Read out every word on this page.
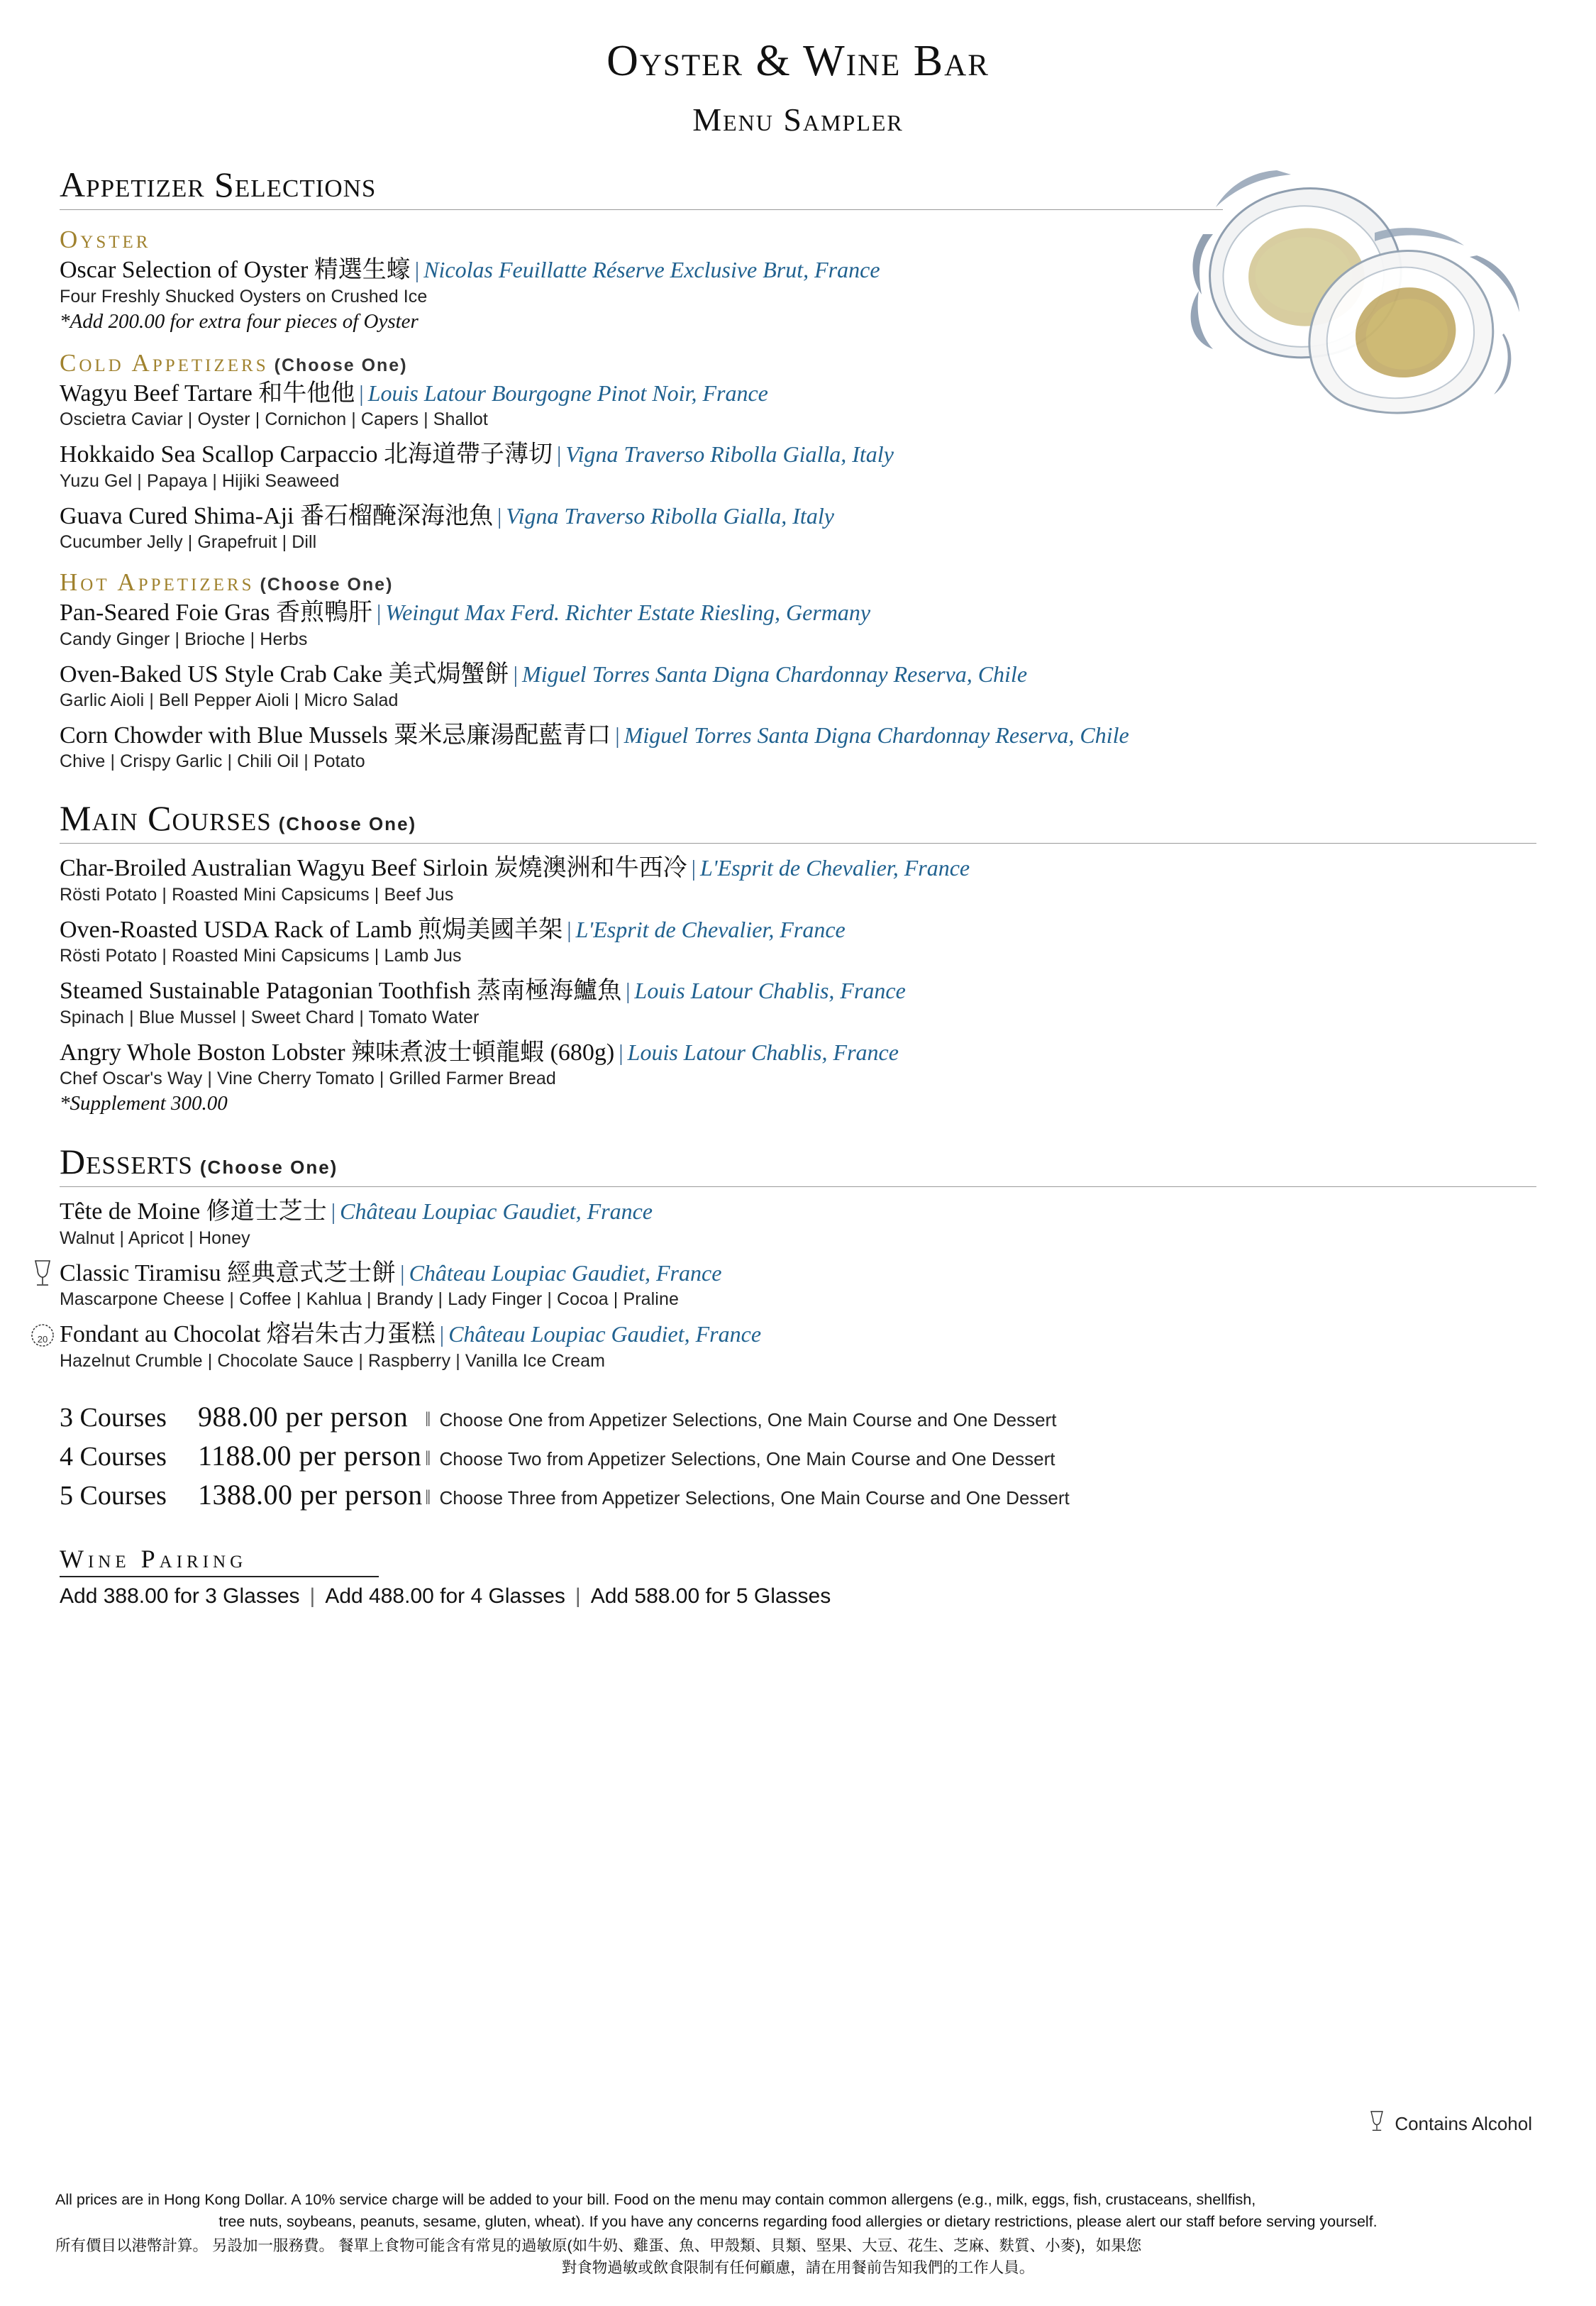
Oyster & Wine Bar
Menu Sampler
Appetizer Selections
Oyster
Oscar Selection of Oyster 精選生蠔 | Nicolas Feuillatte Réserve Exclusive Brut, France
Four Freshly Shucked Oysters on Crushed Ice
*Add 200.00 for extra four pieces of Oyster
Cold Appetizers (Choose One)
Wagyu Beef Tartare 和牛他他 | Louis Latour Bourgogne Pinot Noir, France
Oscietra Caviar | Oyster | Cornichon | Capers | Shallot
Hokkaido Sea Scallop Carpaccio 北海道帶子薄切 | Vigna Traverso Ribolla Gialla, Italy
Yuzu Gel | Papaya | Hijiki Seaweed
Guava Cured Shima-Aji 番石榴醃深海池魚 | Vigna Traverso Ribolla Gialla, Italy
Cucumber Jelly | Grapefruit | Dill
Hot Appetizers (Choose One)
Pan-Seared Foie Gras 香煎鴨肝 | Weingut Max Ferd. Richter Estate Riesling, Germany
Candy Ginger | Brioche | Herbs
Oven-Baked US Style Crab Cake 美式焗蟹餅 | Miguel Torres Santa Digna Chardonnay Reserva, Chile
Garlic Aioli | Bell Pepper Aioli | Micro Salad
Corn Chowder with Blue Mussels 粟米忌廉湯配藍青口 | Miguel Torres Santa Digna Chardonnay Reserva, Chile
Chive | Crispy Garlic | Chili Oil | Potato
Main Courses (Choose One)
Char-Broiled Australian Wagyu Beef Sirloin 炭燒澳洲和牛西冷 | L'Esprit de Chevalier, France
Rösti Potato | Roasted Mini Capsicums | Beef Jus
Oven-Roasted USDA Rack of Lamb 煎焗美國羊架 | L'Esprit de Chevalier, France
Rösti Potato | Roasted Mini Capsicums | Lamb Jus
Steamed Sustainable Patagonian Toothfish 蒸南極海鱸魚 | Louis Latour Chablis, France
Spinach | Blue Mussel | Sweet Chard | Tomato Water
Angry Whole Boston Lobster 辣味煮波士頓龍蝦 (680g) | Louis Latour Chablis, France
Chef Oscar's Way | Vine Cherry Tomato | Grilled Farmer Bread
*Supplement 300.00
Desserts (Choose One)
Tête de Moine 修道士芝士 | Château Loupiac Gaudiet, France
Walnut | Apricot | Honey
Classic Tiramisu 經典意式芝士餅 | Château Loupiac Gaudiet, France
Mascarpone Cheese | Coffee | Kahlua | Brandy | Lady Finger | Cocoa | Praline
20 Fondant au Chocolat 熔岩朱古力蛋糕 | Château Loupiac Gaudiet, France
Hazelnut Crumble | Chocolate Sauce | Raspberry | Vanilla Ice Cream
3 Courses	988.00 per person ‖ Choose One from Appetizer Selections, One Main Course and One Dessert
4 Courses	1188.00 per person ‖ Choose Two from Appetizer Selections, One Main Course and One Dessert
5 Courses	1388.00 per person ‖ Choose Three from Appetizer Selections, One Main Course and One Dessert
Wine Pairing
Add 388.00 for 3 Glasses | Add 488.00 for 4 Glasses | Add 588.00 for 5 Glasses
Contains Alcohol
All prices are in Hong Kong Dollar. A 10% service charge will be added to your bill. Food on the menu may contain common allergens (e.g., milk, eggs, fish, crustaceans, shellfish,
tree nuts, soybeans, peanuts, sesame, gluten, wheat). If you have any concerns regarding food allergies or dietary restrictions, please alert our staff before serving yourself.
所有價目以港幣計算。 另設加一服務費。 餐單上食物可能含有常見的過敏原(如牛奶、雞蛋、魚、甲殼類、貝類、堅果、大豆、花生、芝麻、麩質、小麥)，如果您
對食物過敏或飲食限制有任何顧慮，請在用餐前告知我們的工作人員。
